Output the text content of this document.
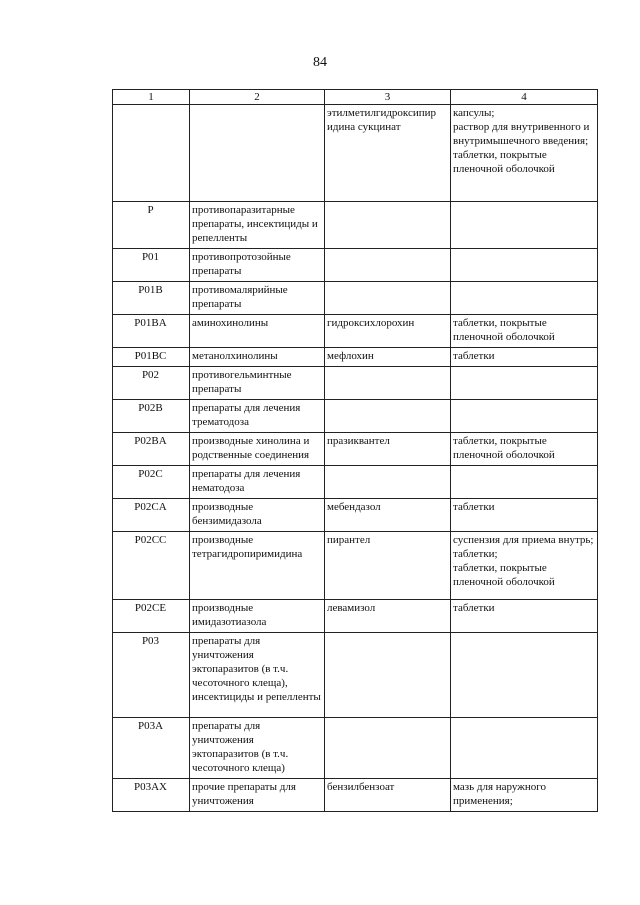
84
1	2	3	4
		этилметилгидроксипир идина сукцинат	капсулы;
раствор для внутривенного и внутримышечного введения;
таблетки, покрытые пленочной оболочкой
P	противопаразитарные препараты, инсектициды и репелленты		
P01	противопротозойные препараты		
P01B	противомалярийные препараты		
P01BA	аминохинолины	гидроксихлорохин	таблетки, покрытые пленочной оболочкой
P01BC	метанолхинолины	мефлохин	таблетки
P02	противогельминтные препараты		
P02B	препараты для лечения трематодоза		
P02BA	производные хинолина и родственные соединения	празиквантел	таблетки, покрытые пленочной оболочкой
P02C	препараты для лечения нематодоза		
P02CA	производные бензимидазола	мебендазол	таблетки
P02CC	производные тетрагидропиримидина	пирантел	суспензия для приема внутрь;
таблетки;
таблетки, покрытые пленочной оболочкой
P02CE	производные имидазотиазола	левамизол	таблетки
P03	препараты для уничтожения эктопаразитов (в т.ч. чесоточного клеща), инсектициды и репелленты		
P03A	препараты для уничтожения эктопаразитов (в т.ч. чесоточного клеща)		
P03AX	прочие препараты для уничтожения	бензилбензоат	мазь для наружного применения;
